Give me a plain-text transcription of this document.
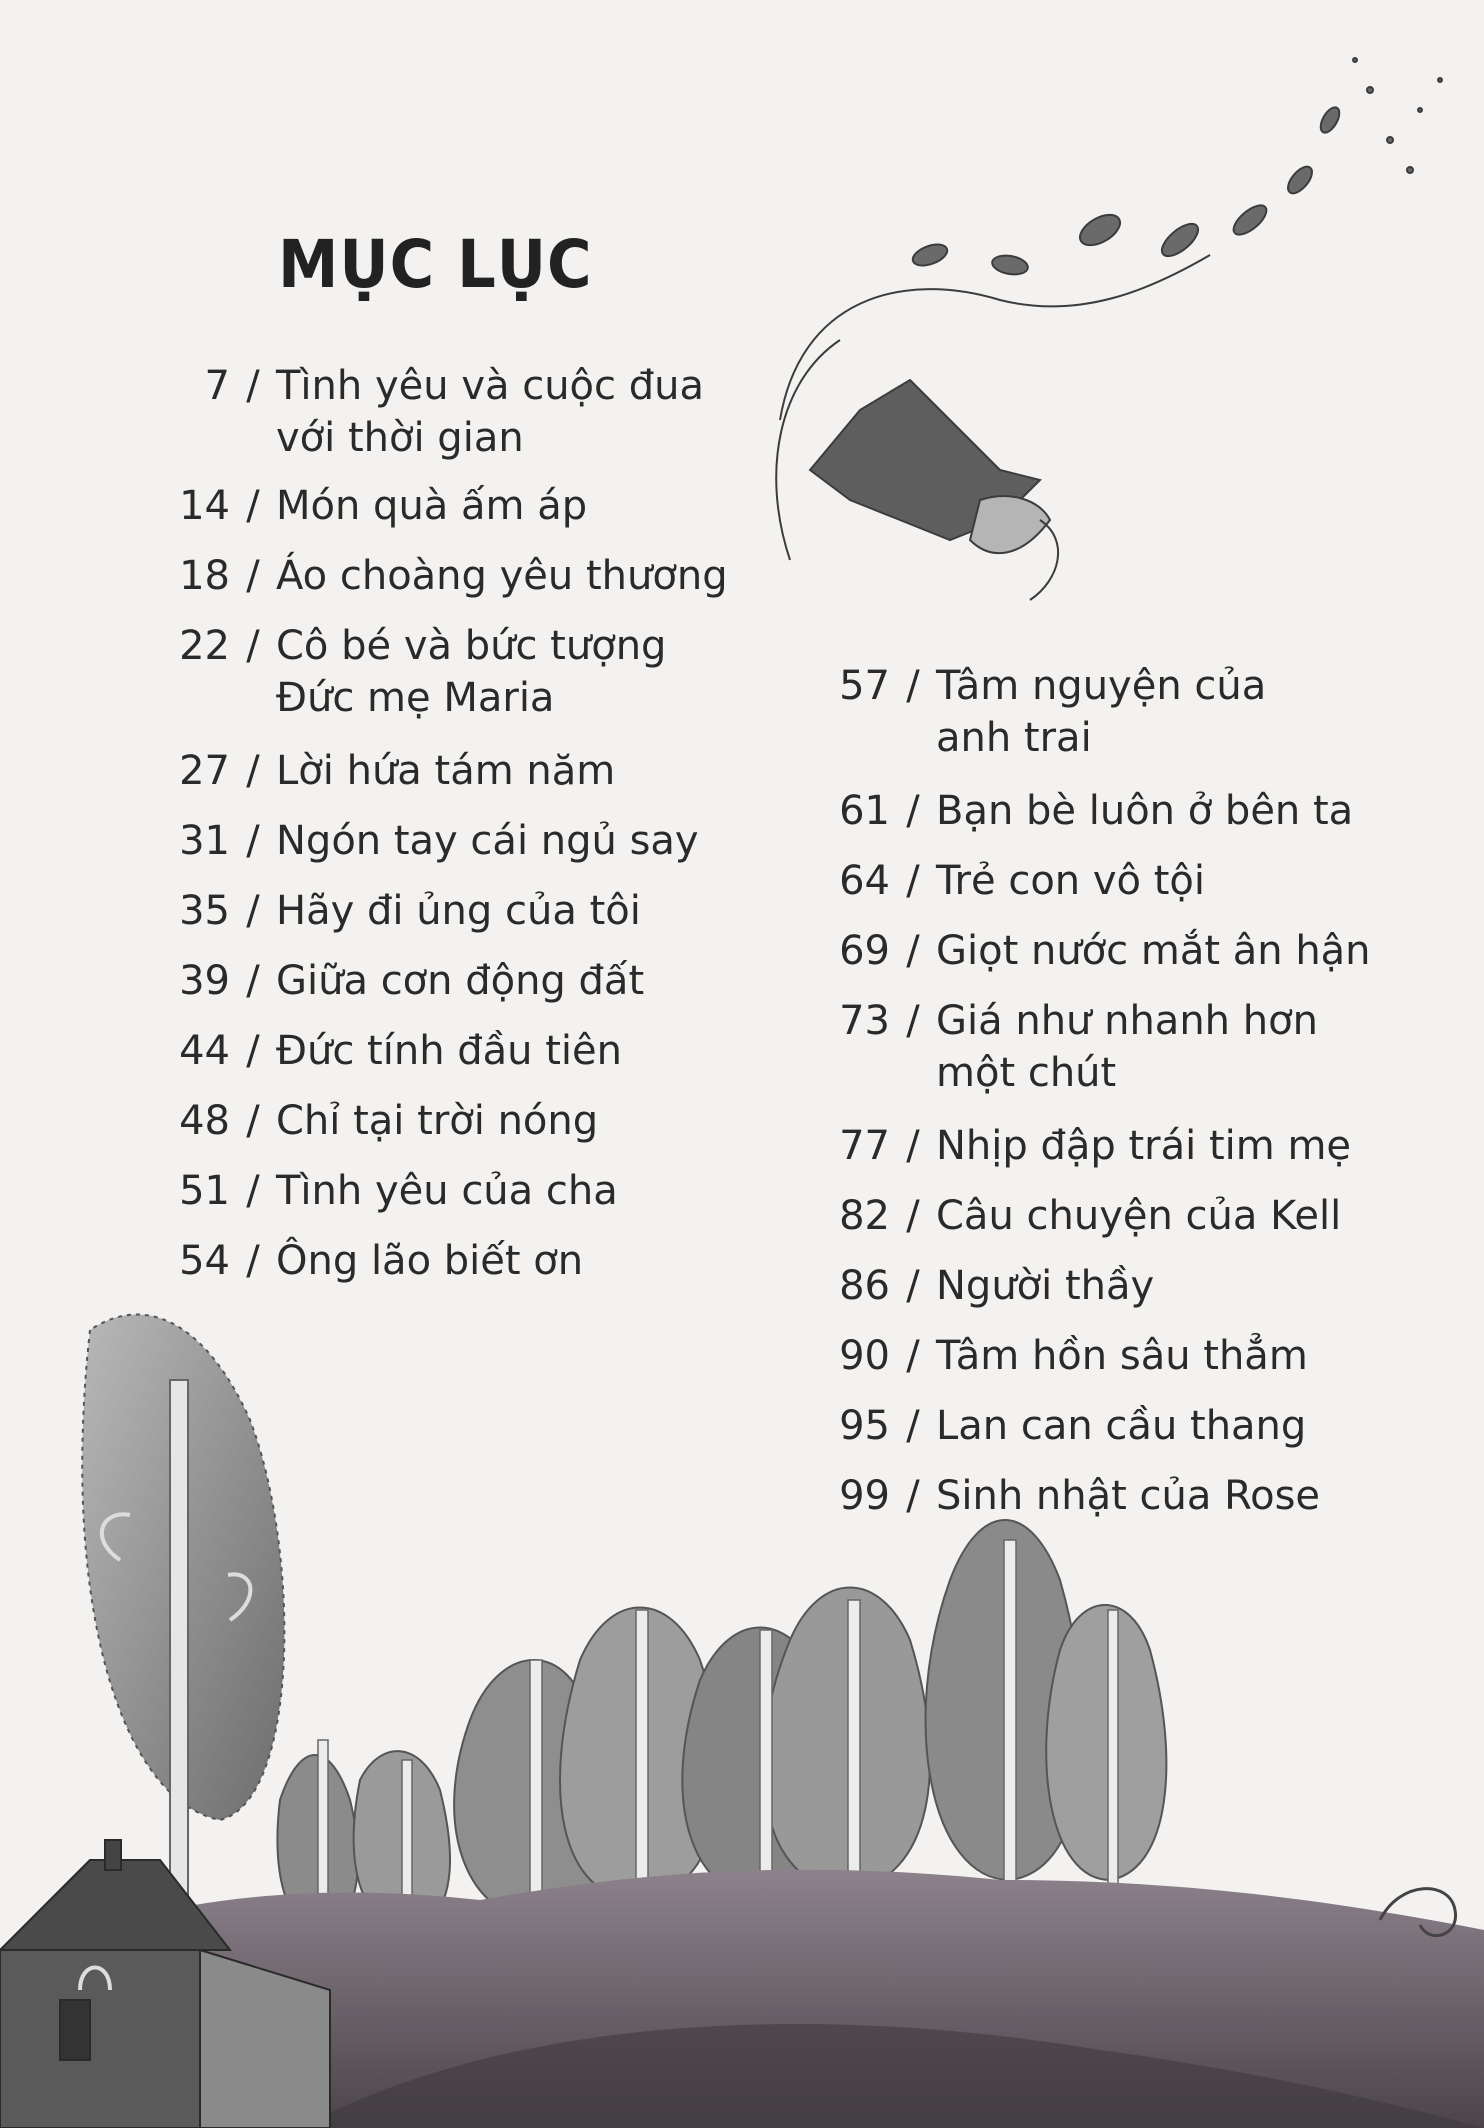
MỤC LỤC
7 / Tình yêu và cuộc đua
với thời gian
14 / Món quà ấm áp
18 / Áo choàng yêu thương
22 / Cô bé và bức tượng
Đức mẹ Maria
27 / Lời hứa tám năm
31 / Ngón tay cái ngủ say
35 / Hãy đi ủng của tôi
39 / Giữa cơn động đất
44 / Đức tính đầu tiên
48 / Chỉ tại trời nóng
51 / Tình yêu của cha
54 / Ông lão biết ơn
57 / Tâm nguyện của
anh trai
61 / Bạn bè luôn ở bên ta
64 / Trẻ con vô tội
69 / Giọt nước mắt ân hận
73 / Giá như nhanh hơn
một chút
77 / Nhịp đập trái tim mẹ
82 / Câu chuyện của Kell
86 / Người thầy
90 / Tâm hồn sâu thẳm
95 / Lan can cầu thang
99 / Sinh nhật của Rose
